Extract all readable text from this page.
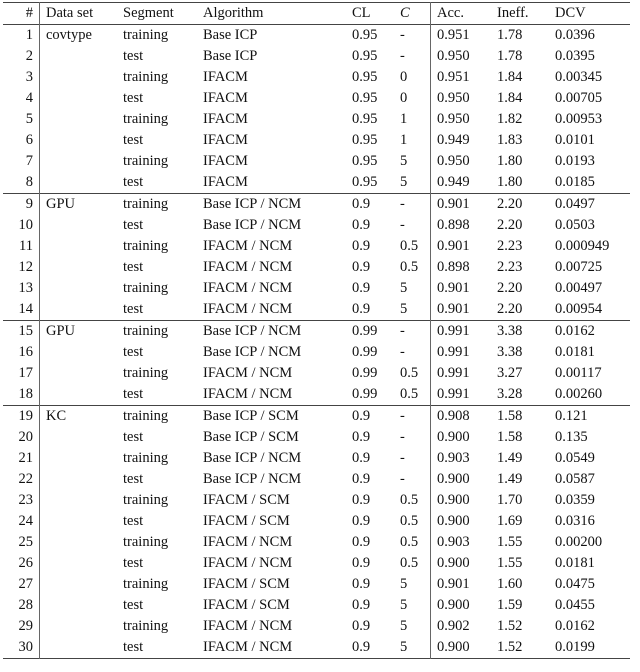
#	Data set	Segment	Algorithm	CL	C	Acc.	Ineff.	DCV
1	covtype	training	Base ICP	0.95	-	0.951	1.78	0.0396
2		test	Base ICP	0.95	-	0.950	1.78	0.0395
3		training	IFACM	0.95	0	0.951	1.84	0.00345
4		test	IFACM	0.95	0	0.950	1.84	0.00705
5		training	IFACM	0.95	1	0.950	1.82	0.00953
6		test	IFACM	0.95	1	0.949	1.83	0.0101
7		training	IFACM	0.95	5	0.950	1.80	0.0193
8		test	IFACM	0.95	5	0.949	1.80	0.0185
9	GPU	training	Base ICP / NCM	0.9	-	0.901	2.20	0.0497
10		test	Base ICP / NCM	0.9	-	0.898	2.20	0.0503
11		training	IFACM / NCM	0.9	0.5	0.901	2.23	0.000949
12		test	IFACM / NCM	0.9	0.5	0.898	2.23	0.00725
13		training	IFACM / NCM	0.9	5	0.901	2.20	0.00497
14		test	IFACM / NCM	0.9	5	0.901	2.20	0.00954
15	GPU	training	Base ICP / NCM	0.99	-	0.991	3.38	0.0162
16		test	Base ICP / NCM	0.99	-	0.991	3.38	0.0181
17		training	IFACM / NCM	0.99	0.5	0.991	3.27	0.00117
18		test	IFACM / NCM	0.99	0.5	0.991	3.28	0.00260
19	KC	training	Base ICP / SCM	0.9	-	0.908	1.58	0.121
20		test	Base ICP / SCM	0.9	-	0.900	1.58	0.135
21		training	Base ICP / NCM	0.9	-	0.903	1.49	0.0549
22		test	Base ICP / NCM	0.9	-	0.900	1.49	0.0587
23		training	IFACM / SCM	0.9	0.5	0.900	1.70	0.0359
24		test	IFACM / SCM	0.9	0.5	0.900	1.69	0.0316
25		training	IFACM / NCM	0.9	0.5	0.903	1.55	0.00200
26		test	IFACM / NCM	0.9	0.5	0.900	1.55	0.0181
27		training	IFACM / SCM	0.9	5	0.901	1.60	0.0475
28		test	IFACM / SCM	0.9	5	0.900	1.59	0.0455
29		training	IFACM / NCM	0.9	5	0.902	1.52	0.0162
30		test	IFACM / NCM	0.9	5	0.900	1.52	0.0199
